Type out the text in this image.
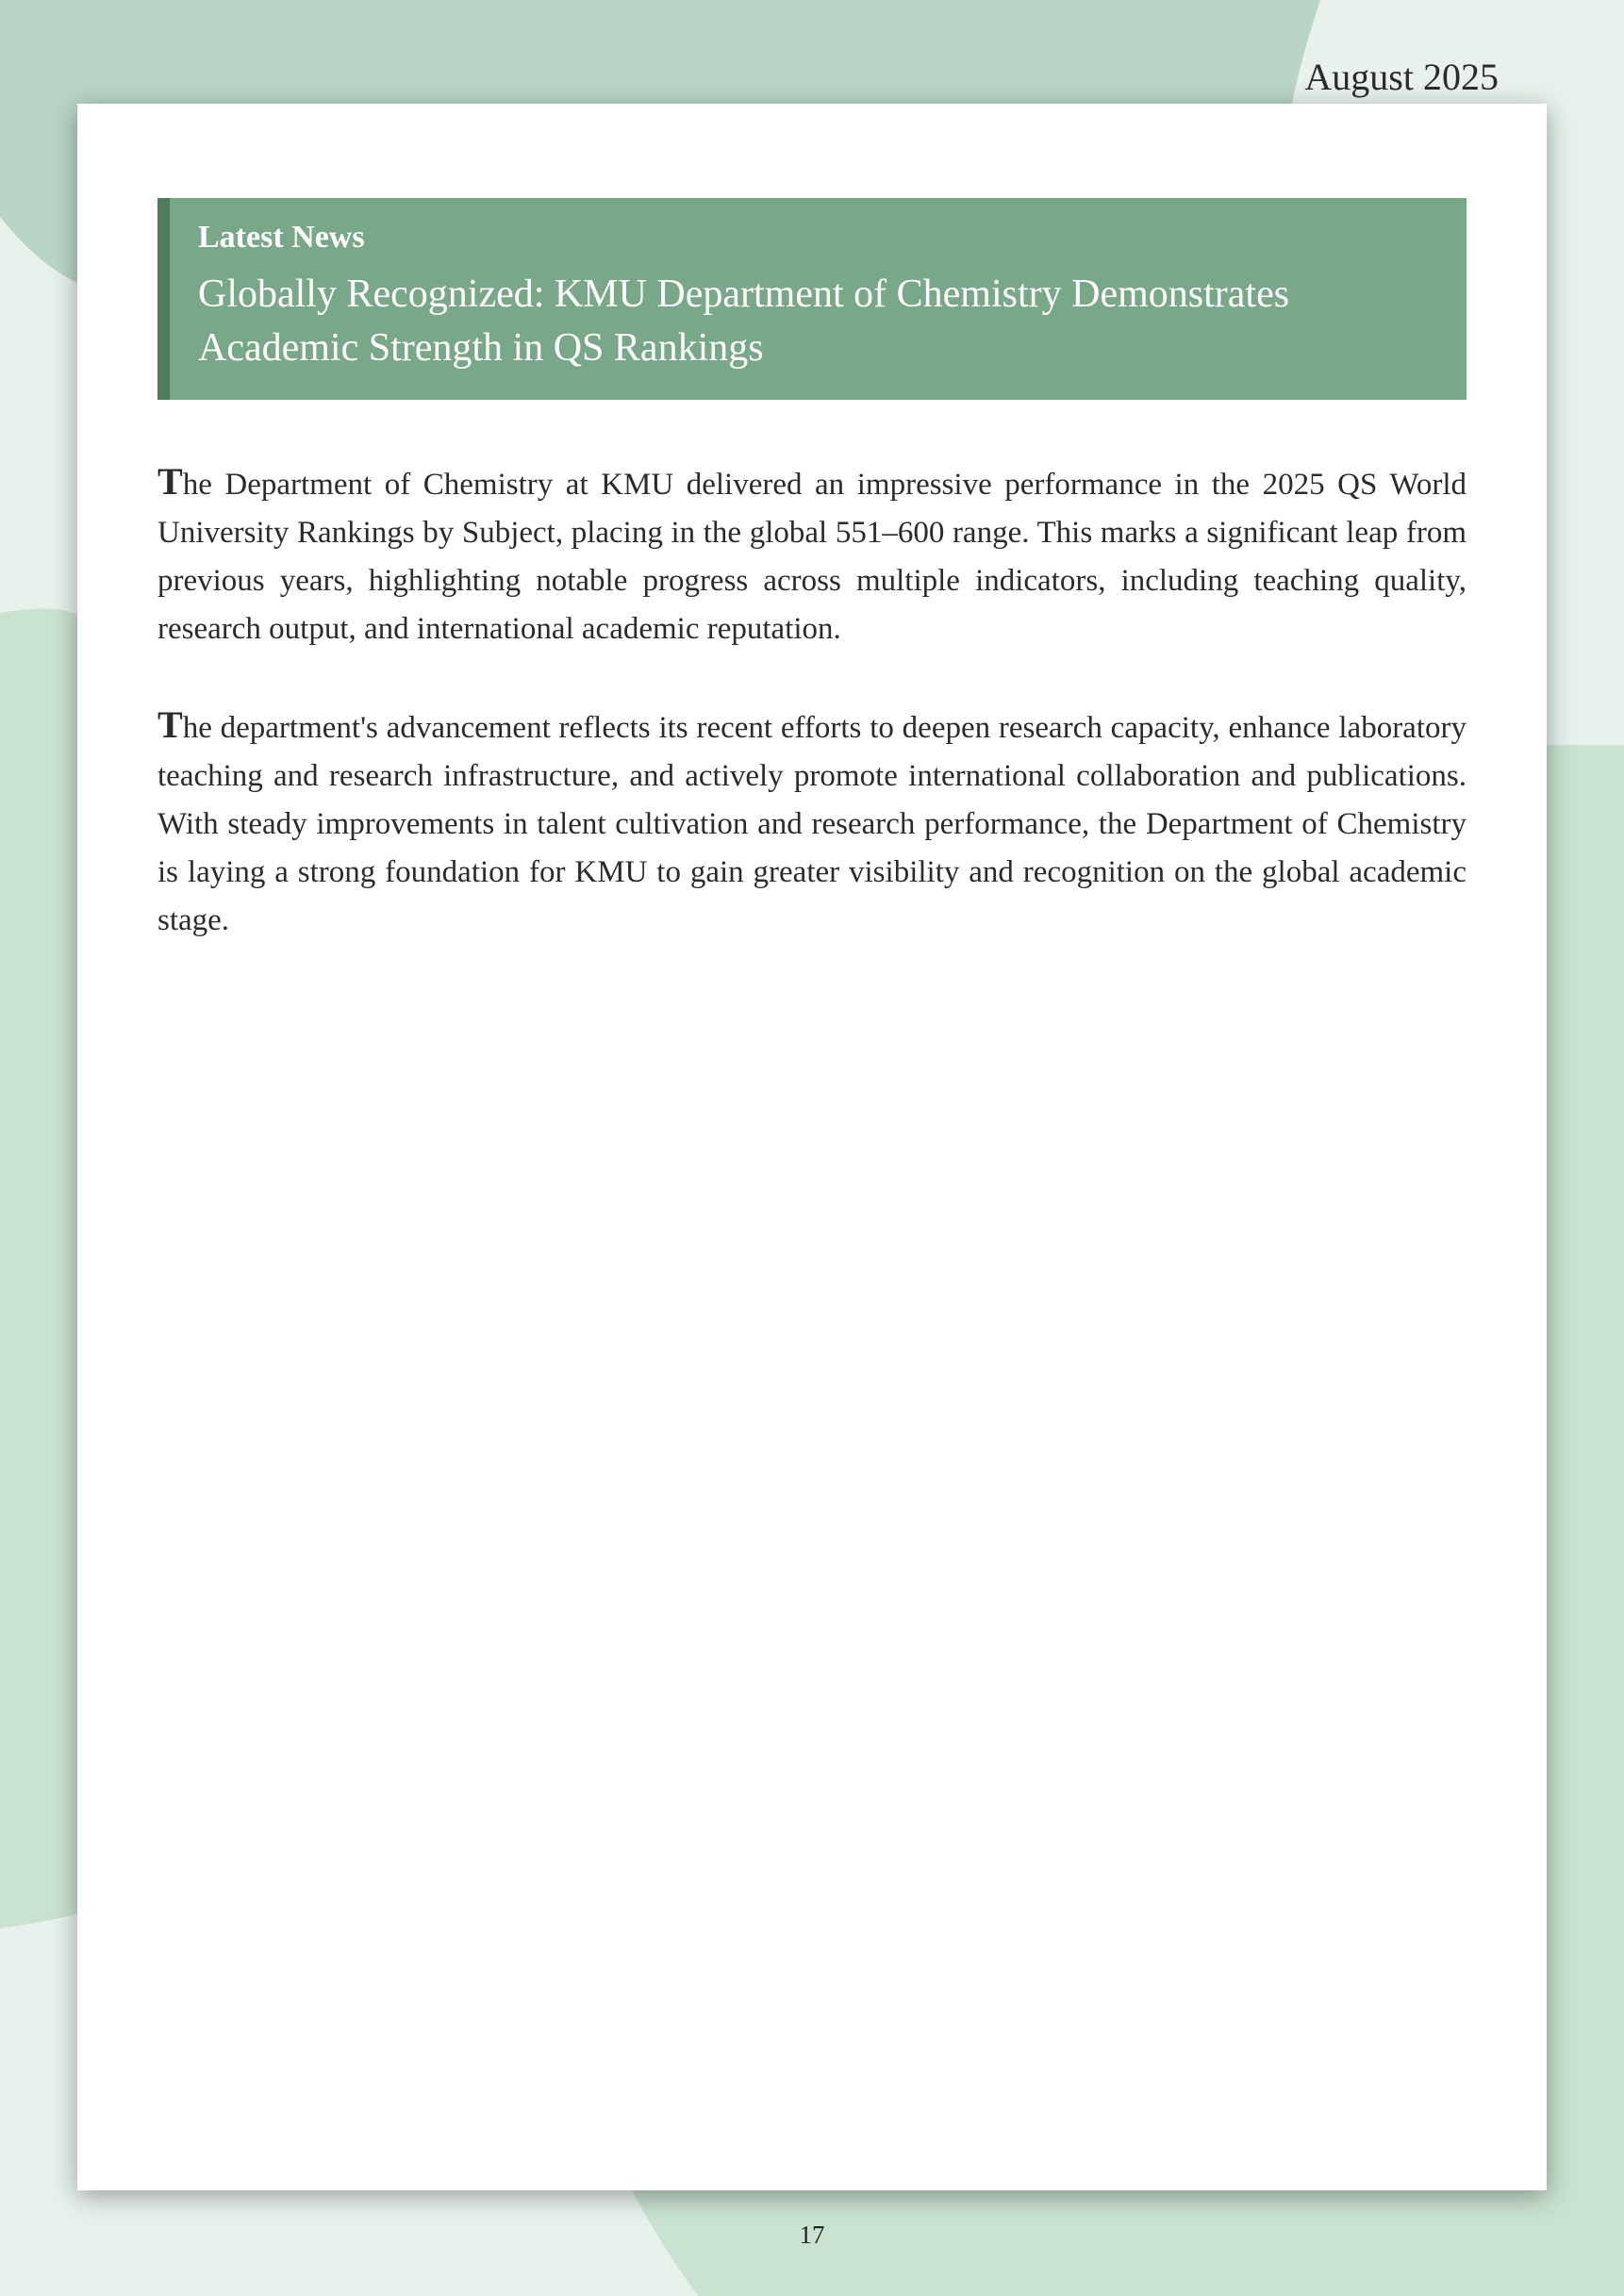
August 2025
Latest News
Globally Recognized: KMU Department of Chemistry Demonstrates
Academic Strength in QS Rankings

The Department of Chemistry at KMU delivered an impressive performance in the 2025 QS World University Rankings by Subject, placing in the global 551–600 range. This marks a significant leap from previous years, highlighting notable progress across multiple indicators, including teaching quality, research output, and international academic reputation.

The department's advancement reflects its recent efforts to deepen research capacity, enhance laboratory teaching and research infrastructure, and actively promote international collaboration and publications. With steady improvements in talent cultivation and research performance, the Department of Chemistry is laying a strong foundation for KMU to gain greater visibility and recognition on the global academic stage.

17
